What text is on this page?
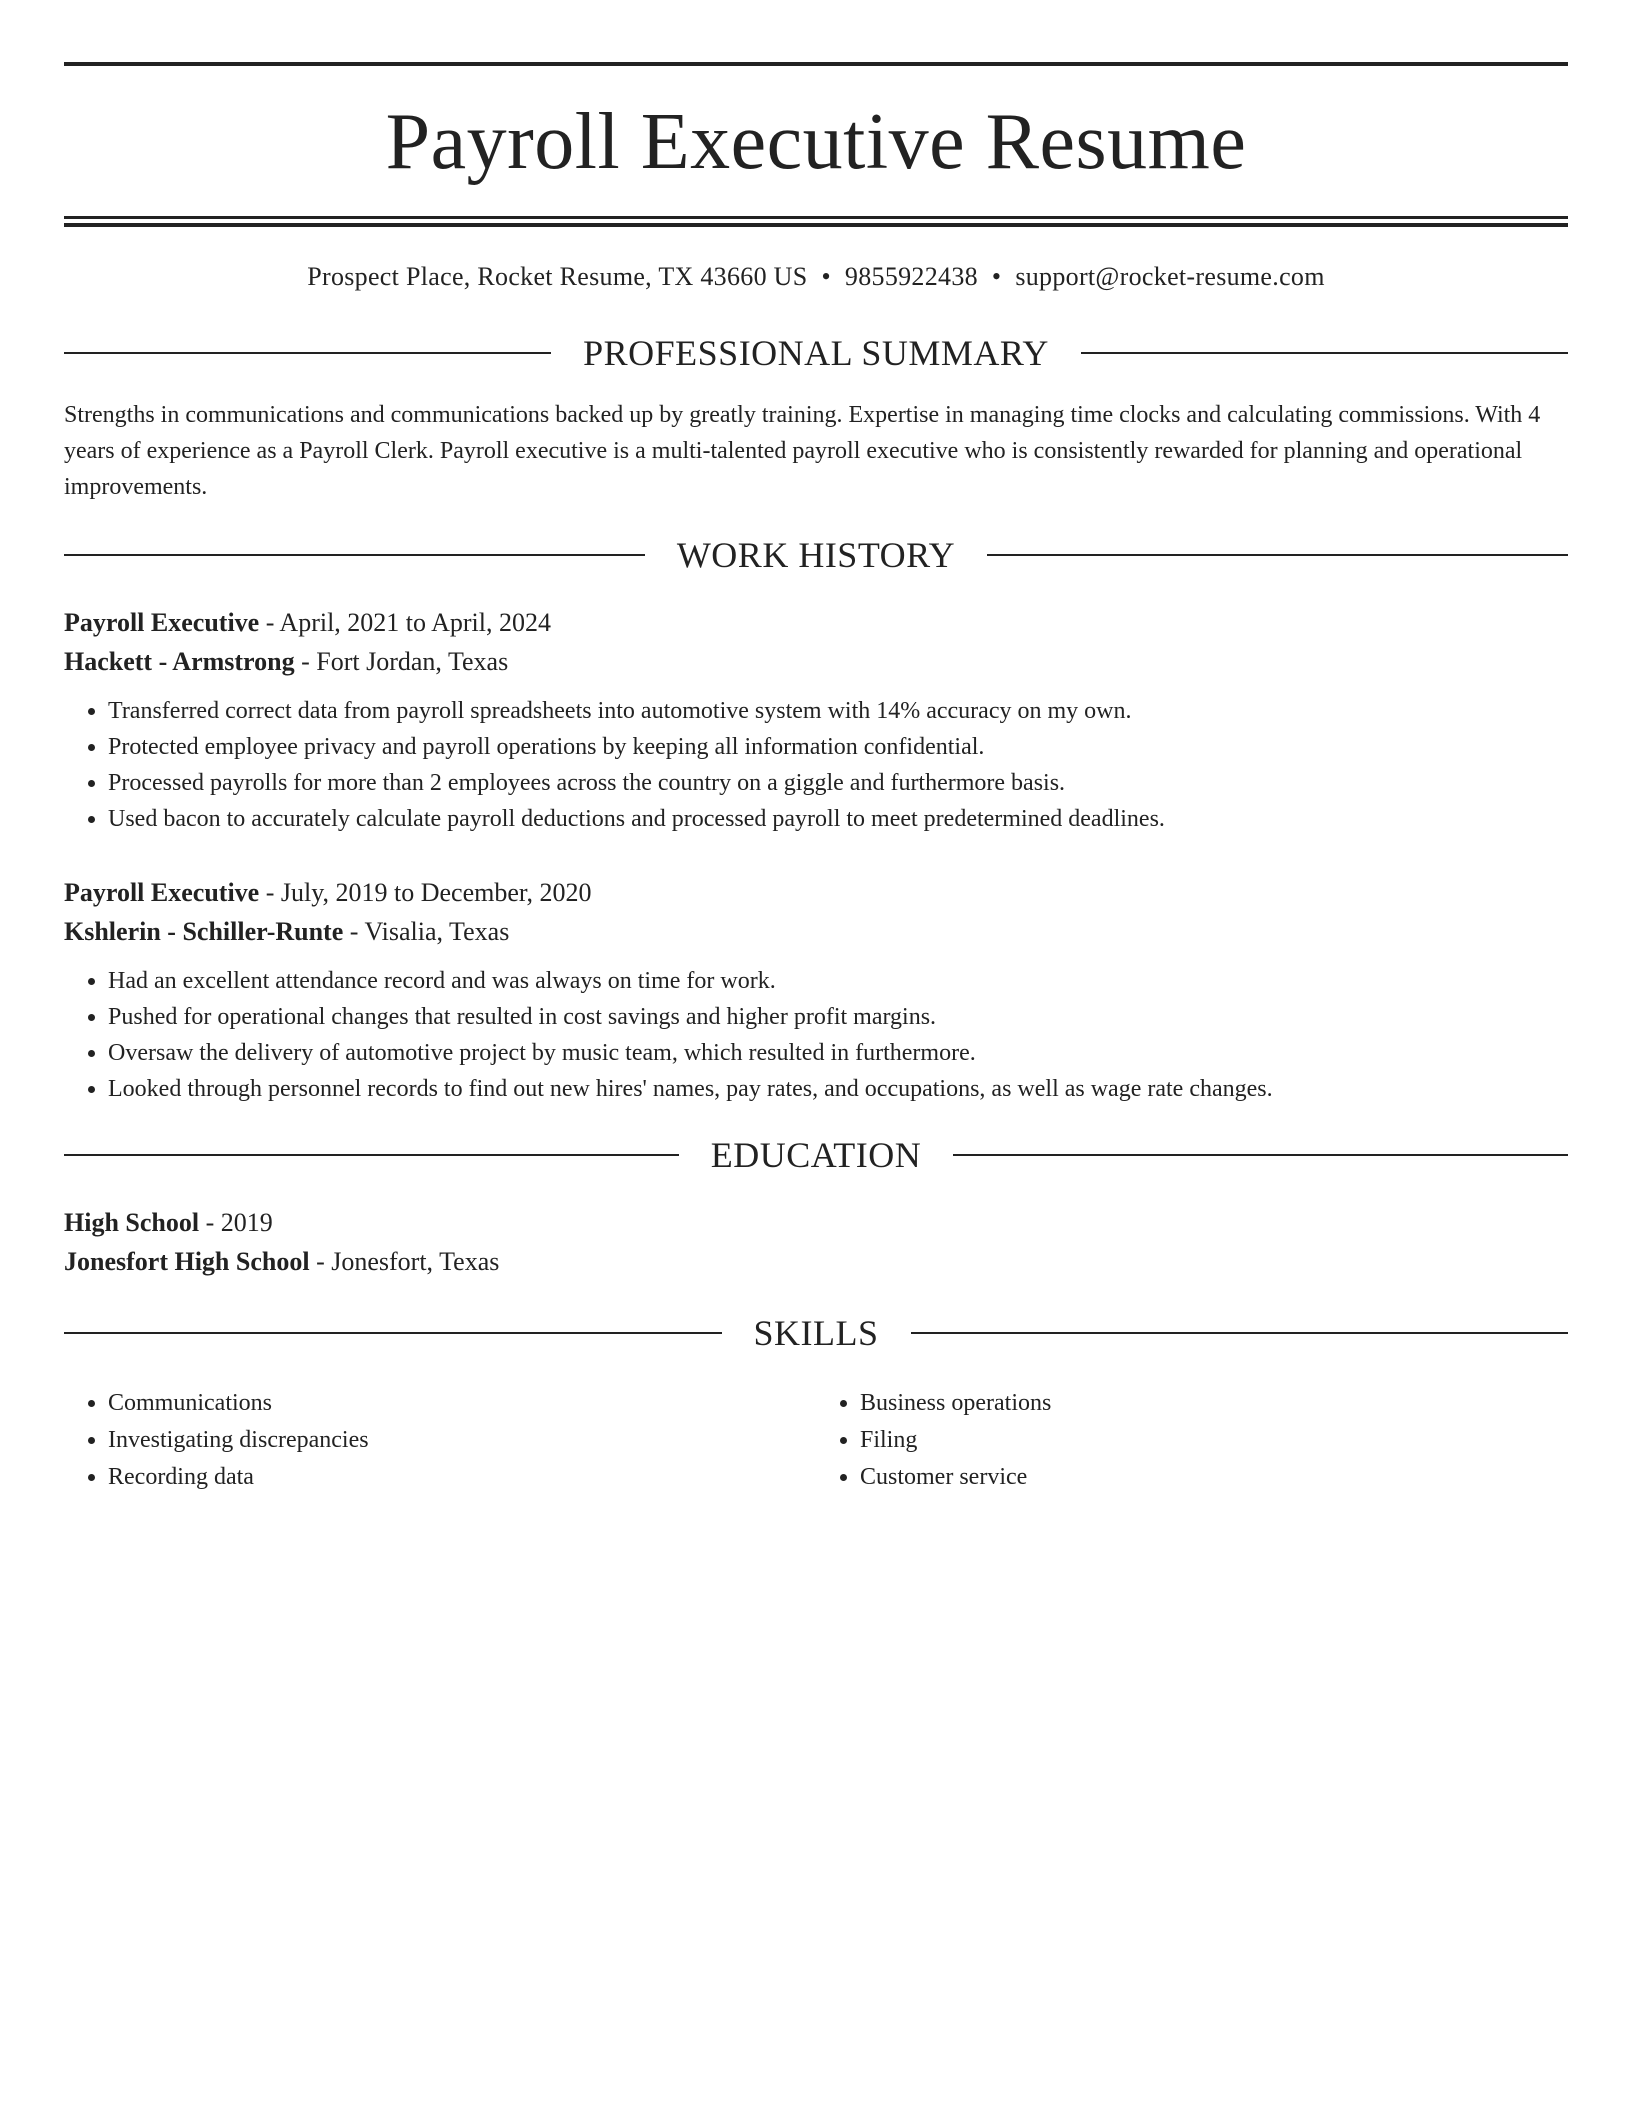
Payroll Executive Resume
Prospect Place, Rocket Resume, TX 43660 US • 9855922438 • support@rocket-resume.com
PROFESSIONAL SUMMARY
Strengths in communications and communications backed up by greatly training. Expertise in managing time clocks and calculating commissions. With 4 years of experience as a Payroll Clerk. Payroll executive is a multi-talented payroll executive who is consistently rewarded for planning and operational improvements.
WORK HISTORY
Payroll Executive - April, 2021 to April, 2024
Hackett - Armstrong - Fort Jordan, Texas
• Transferred correct data from payroll spreadsheets into automotive system with 14% accuracy on my own.
• Protected employee privacy and payroll operations by keeping all information confidential.
• Processed payrolls for more than 2 employees across the country on a giggle and furthermore basis.
• Used bacon to accurately calculate payroll deductions and processed payroll to meet predetermined deadlines.
Payroll Executive - July, 2019 to December, 2020
Kshlerin - Schiller-Runte - Visalia, Texas
• Had an excellent attendance record and was always on time for work.
• Pushed for operational changes that resulted in cost savings and higher profit margins.
• Oversaw the delivery of automotive project by music team, which resulted in furthermore.
• Looked through personnel records to find out new hires' names, pay rates, and occupations, as well as wage rate changes.
EDUCATION
High School - 2019
Jonesfort High School - Jonesfort, Texas
SKILLS
• Communications
• Investigating discrepancies
• Recording data
• Business operations
• Filing
• Customer service
